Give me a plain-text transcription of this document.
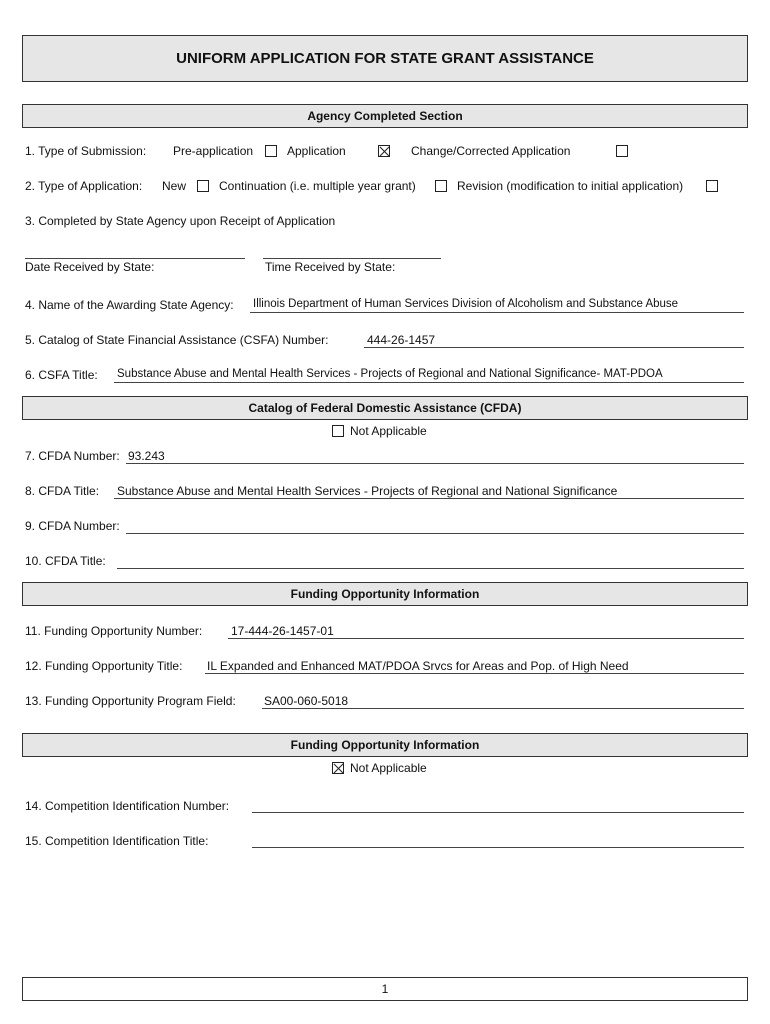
UNIFORM APPLICATION FOR STATE GRANT ASSISTANCE
Agency Completed Section
1. Type of Submission: Pre-application	Application	Change/Corrected Application
2. Type of Application: New	Continuation (i.e. multiple year grant)	Revision (modification to initial application)
3. Completed by State Agency upon Receipt of Application
Date Received by State:	Time Received by State:
4. Name of the Awarding State Agency: Illinois Department of Human Services Division of Alcoholism and Substance Abuse
5. Catalog of State Financial Assistance (CSFA) Number:	444-26-1457
6. CSFA Title: Substance Abuse and Mental Health Services - Projects of Regional and National Significance- MAT-PDOA
Catalog of Federal Domestic Assistance (CFDA)
Not Applicable
7. CFDA Number: 93.243
8. CFDA Title: Substance Abuse and Mental Health Services - Projects of Regional and National Significance
9. CFDA Number:
10. CFDA Title:
Funding Opportunity Information
11. Funding Opportunity Number: 17-444-26-1457-01
12. Funding Opportunity Title: IL Expanded and Enhanced MAT/PDOA Srvcs for Areas and Pop. of High Need
13. Funding Opportunity Program Field: SA00-060-5018
Funding Opportunity Information
Not Applicable
14. Competition Identification Number:
15. Competition Identification Title:
1
